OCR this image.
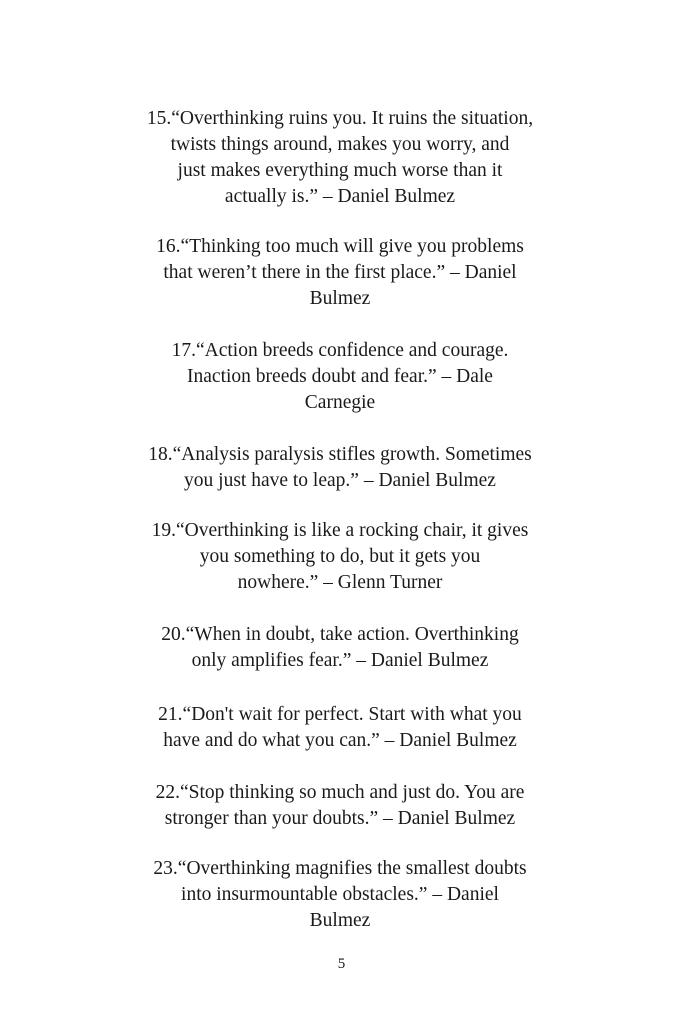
15.“Overthinking ruins you. It ruins the situation,
twists things around, makes you worry, and
just makes everything much worse than it
actually is.” – Daniel Bulmez

16.“Thinking too much will give you problems
that weren’t there in the first place.” – Daniel
Bulmez

17.“Action breeds confidence and courage.
Inaction breeds doubt and fear.” – Dale
Carnegie

18.“Analysis paralysis stifles growth. Sometimes
you just have to leap.” – Daniel Bulmez

19.“Overthinking is like a rocking chair, it gives
you something to do, but it gets you
nowhere.” – Glenn Turner

20.“When in doubt, take action. Overthinking
only amplifies fear.” – Daniel Bulmez

21.“Don't wait for perfect. Start with what you
have and do what you can.” – Daniel Bulmez

22.“Stop thinking so much and just do. You are
stronger than your doubts.” – Daniel Bulmez

23.“Overthinking magnifies the smallest doubts
into insurmountable obstacles.” – Daniel
Bulmez

5
